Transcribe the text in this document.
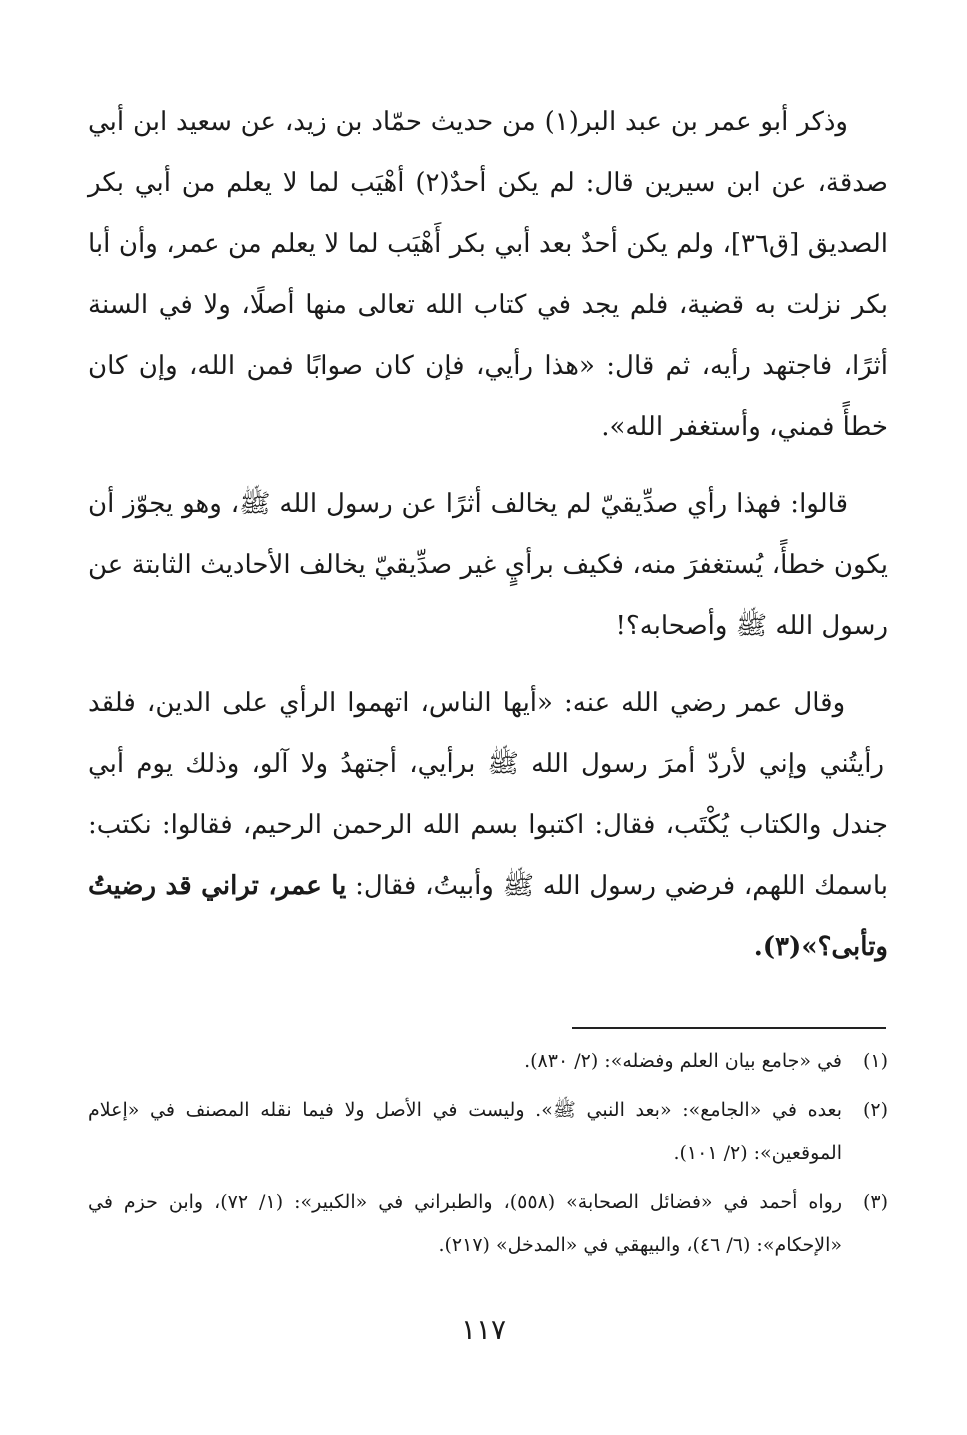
وذكر أبو عمر بن عبد البر(١) من حديث حمّاد بن زيد، عن سعيد ابن أبي صدقة، عن ابن سيرين قال: لم يكن أحدٌ(٢) أهْيَب لما لا يعلم من أبي بكر الصديق [ق٣٦]، ولم يكن أحدٌ بعد أبي بكر أَهْيَب لما لا يعلم من عمر، وأن أبا بكر نزلت به قضية، فلم يجد في كتاب الله تعالى منها أصلًا، ولا في السنة أثرًا، فاجتهد رأيه، ثم قال: «هذا رأيي، فإن كان صوابًا فمن الله، وإن كان خطأً فمني، وأستغفر الله».

قالوا: فهذا رأي صدِّيقيّ لم يخالف أثرًا عن رسول الله ﷺ، وهو يجوّز أن يكون خطأً، يُستغفرَ منه، فكيف برأيٍ غير صدِّيقيّ يخالف الأحاديث الثابتة عن رسول الله ﷺ وأصحابه؟!

وقال عمر رضي الله عنه: «أيها الناس، اتهموا الرأي على الدين، فلقد رأيتُني وإني لأردّ أمرَ رسول الله ﷺ برأيي، أجتهدُ ولا آلو، وذلك يوم أبي جندل والكتاب يُكْتَب، فقال: اكتبوا بسم الله الرحمن الرحيم، فقالوا: نكتب: باسمك اللهم، فرضي رسول الله ﷺ وأبيتُ، فقال: يا عمر، تراني قد رضيتُ وتأبى؟»(٣).

(١)
في «جامع بيان العلم وفضله»: (٢/ ٨٣٠).
(٢)
بعده في «الجامع»: «بعد النبي ﷺ». وليست في الأصل ولا فيما نقله المصنف في «إعلام الموقعين»: (٢/ ١٠١).
(٣)
رواه أحمد في «فضائل الصحابة» (٥٥٨)، والطبراني في «الكبير»: (١/ ٧٢)، وابن حزم في «الإحكام»: (٦/ ٤٦)، والبيهقي في «المدخل» (٢١٧).
١١٧
